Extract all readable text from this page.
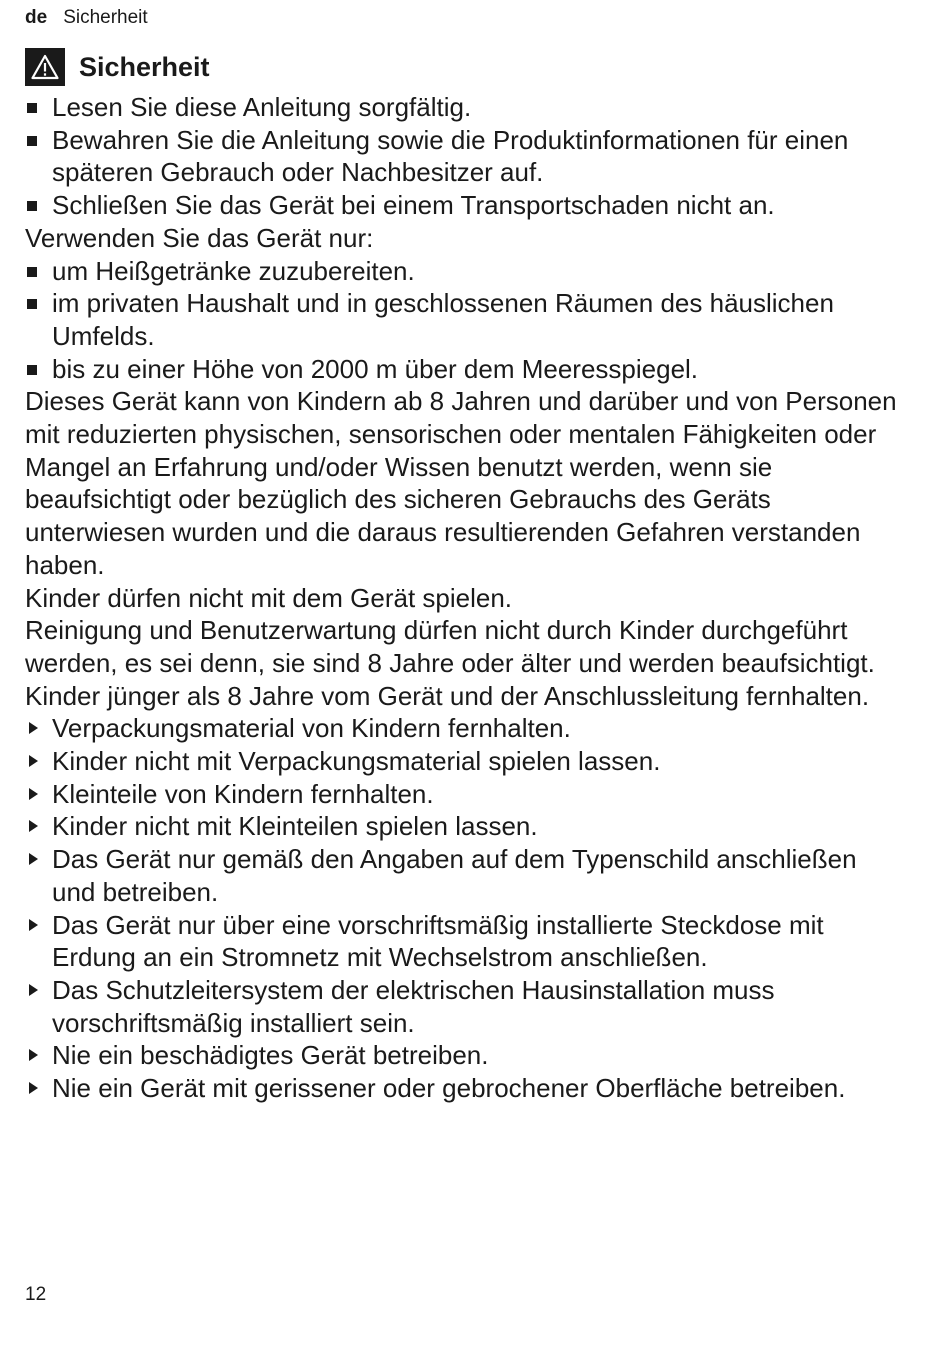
de Sicherheit
Sicherheit
Lesen Sie diese Anleitung sorgfältig.
Bewahren Sie die Anleitung sowie die Produktinformationen für einen späteren Gebrauch oder Nachbesitzer auf.
Schließen Sie das Gerät bei einem Transportschaden nicht an.

Verwenden Sie das Gerät nur:

um Heißgetränke zuzubereiten.
im privaten Haushalt und in geschlossenen Räumen des häuslichen Umfelds.
bis zu einer Höhe von 2000 m über dem Meeresspiegel.

Dieses Gerät kann von Kindern ab 8 Jahren und darüber und von Personen mit reduzierten physischen, sensorischen oder mentalen Fähigkeiten oder Mangel an Erfahrung und/oder Wissen benutzt werden, wenn sie beaufsichtigt oder bezüglich des sicheren Gebrauchs des Geräts unterwiesen wurden und die daraus resultierenden Gefahren verstanden haben.

Kinder dürfen nicht mit dem Gerät spielen.

Reinigung und Benutzerwartung dürfen nicht durch Kinder durchgeführt werden, es sei denn, sie sind 8 Jahre oder älter und werden beaufsichtigt.

Kinder jünger als 8 Jahre vom Gerät und der Anschlussleitung fernhalten.

Verpackungsmaterial von Kindern fernhalten.
Kinder nicht mit Verpackungsmaterial spielen lassen.
Kleinteile von Kindern fernhalten.
Kinder nicht mit Kleinteilen spielen lassen.
Das Gerät nur gemäß den Angaben auf dem Typenschild anschließen und betreiben.
Das Gerät nur über eine vorschriftsmäßig installierte Steckdose mit Erdung an ein Stromnetz mit Wechselstrom anschließen.
Das Schutzleitersystem der elektrischen Hausinstallation muss vorschriftsmäßig installiert sein.
Nie ein beschädigtes Gerät betreiben.
Nie ein Gerät mit gerissener oder gebrochener Oberfläche betreiben.
12
